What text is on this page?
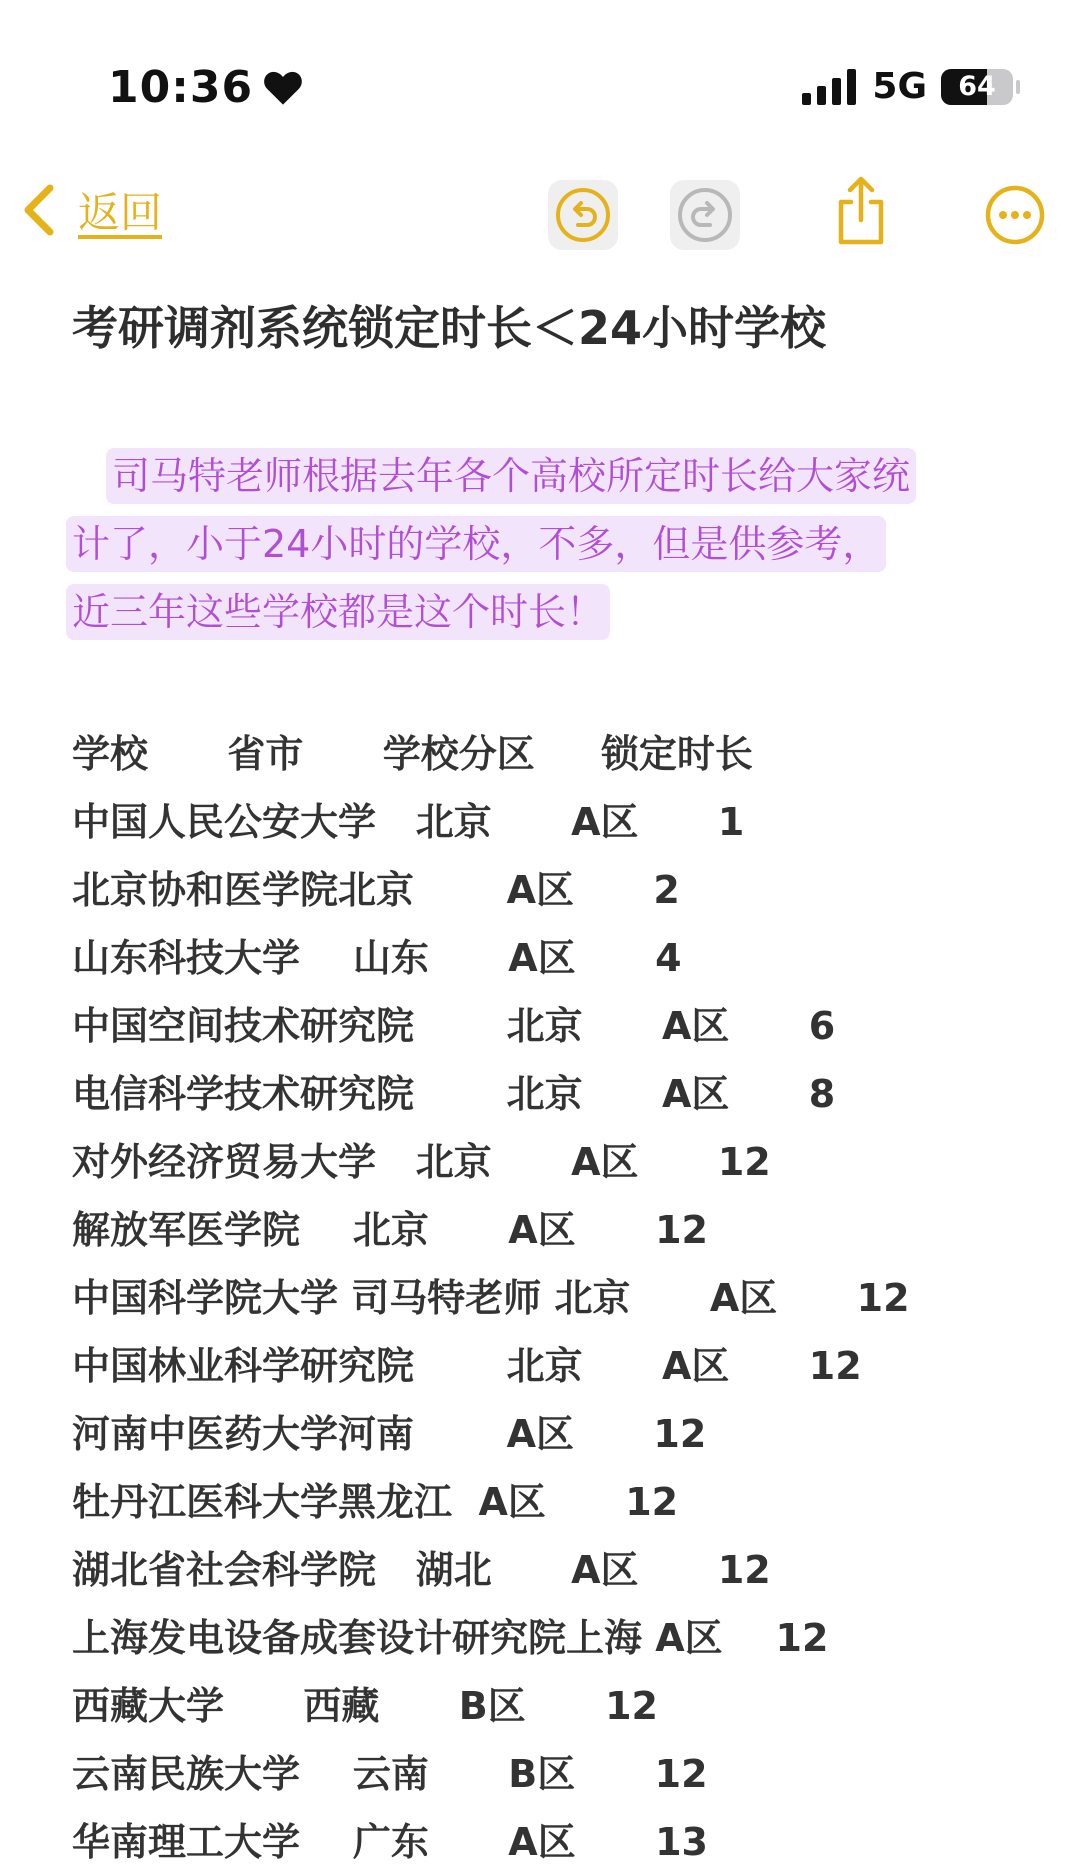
10:36	5G	64
返回
考研调剂系统锁定时长＜24小时学校
司马特老师根据去年各个高校所定时长给大家统
计了，小于24小时的学校，不多，但是供参考，
近三年这些学校都是这个时长！
学校      省市      学校分区     锁定时长
中国人民公安大学   北京      A区      1
北京协和医学院北京       A区      2
山东科技大学    山东      A区      4
中国空间技术研究院       北京      A区      6
电信科学技术研究院       北京      A区      8
对外经济贸易大学   北京      A区      12
解放军医学院    北京      A区      12
中国科学院大学 司马特老师 北京      A区      12
中国林业科学研究院       北京      A区      12
河南中医药大学河南       A区      12
牡丹江医科大学黑龙江  A区      12
湖北省社会科学院   湖北      A区      12
上海发电设备成套设计研究院上海 A区    12
西藏大学      西藏      B区      12
云南民族大学    云南      B区      12
华南理工大学    广东      A区      13
